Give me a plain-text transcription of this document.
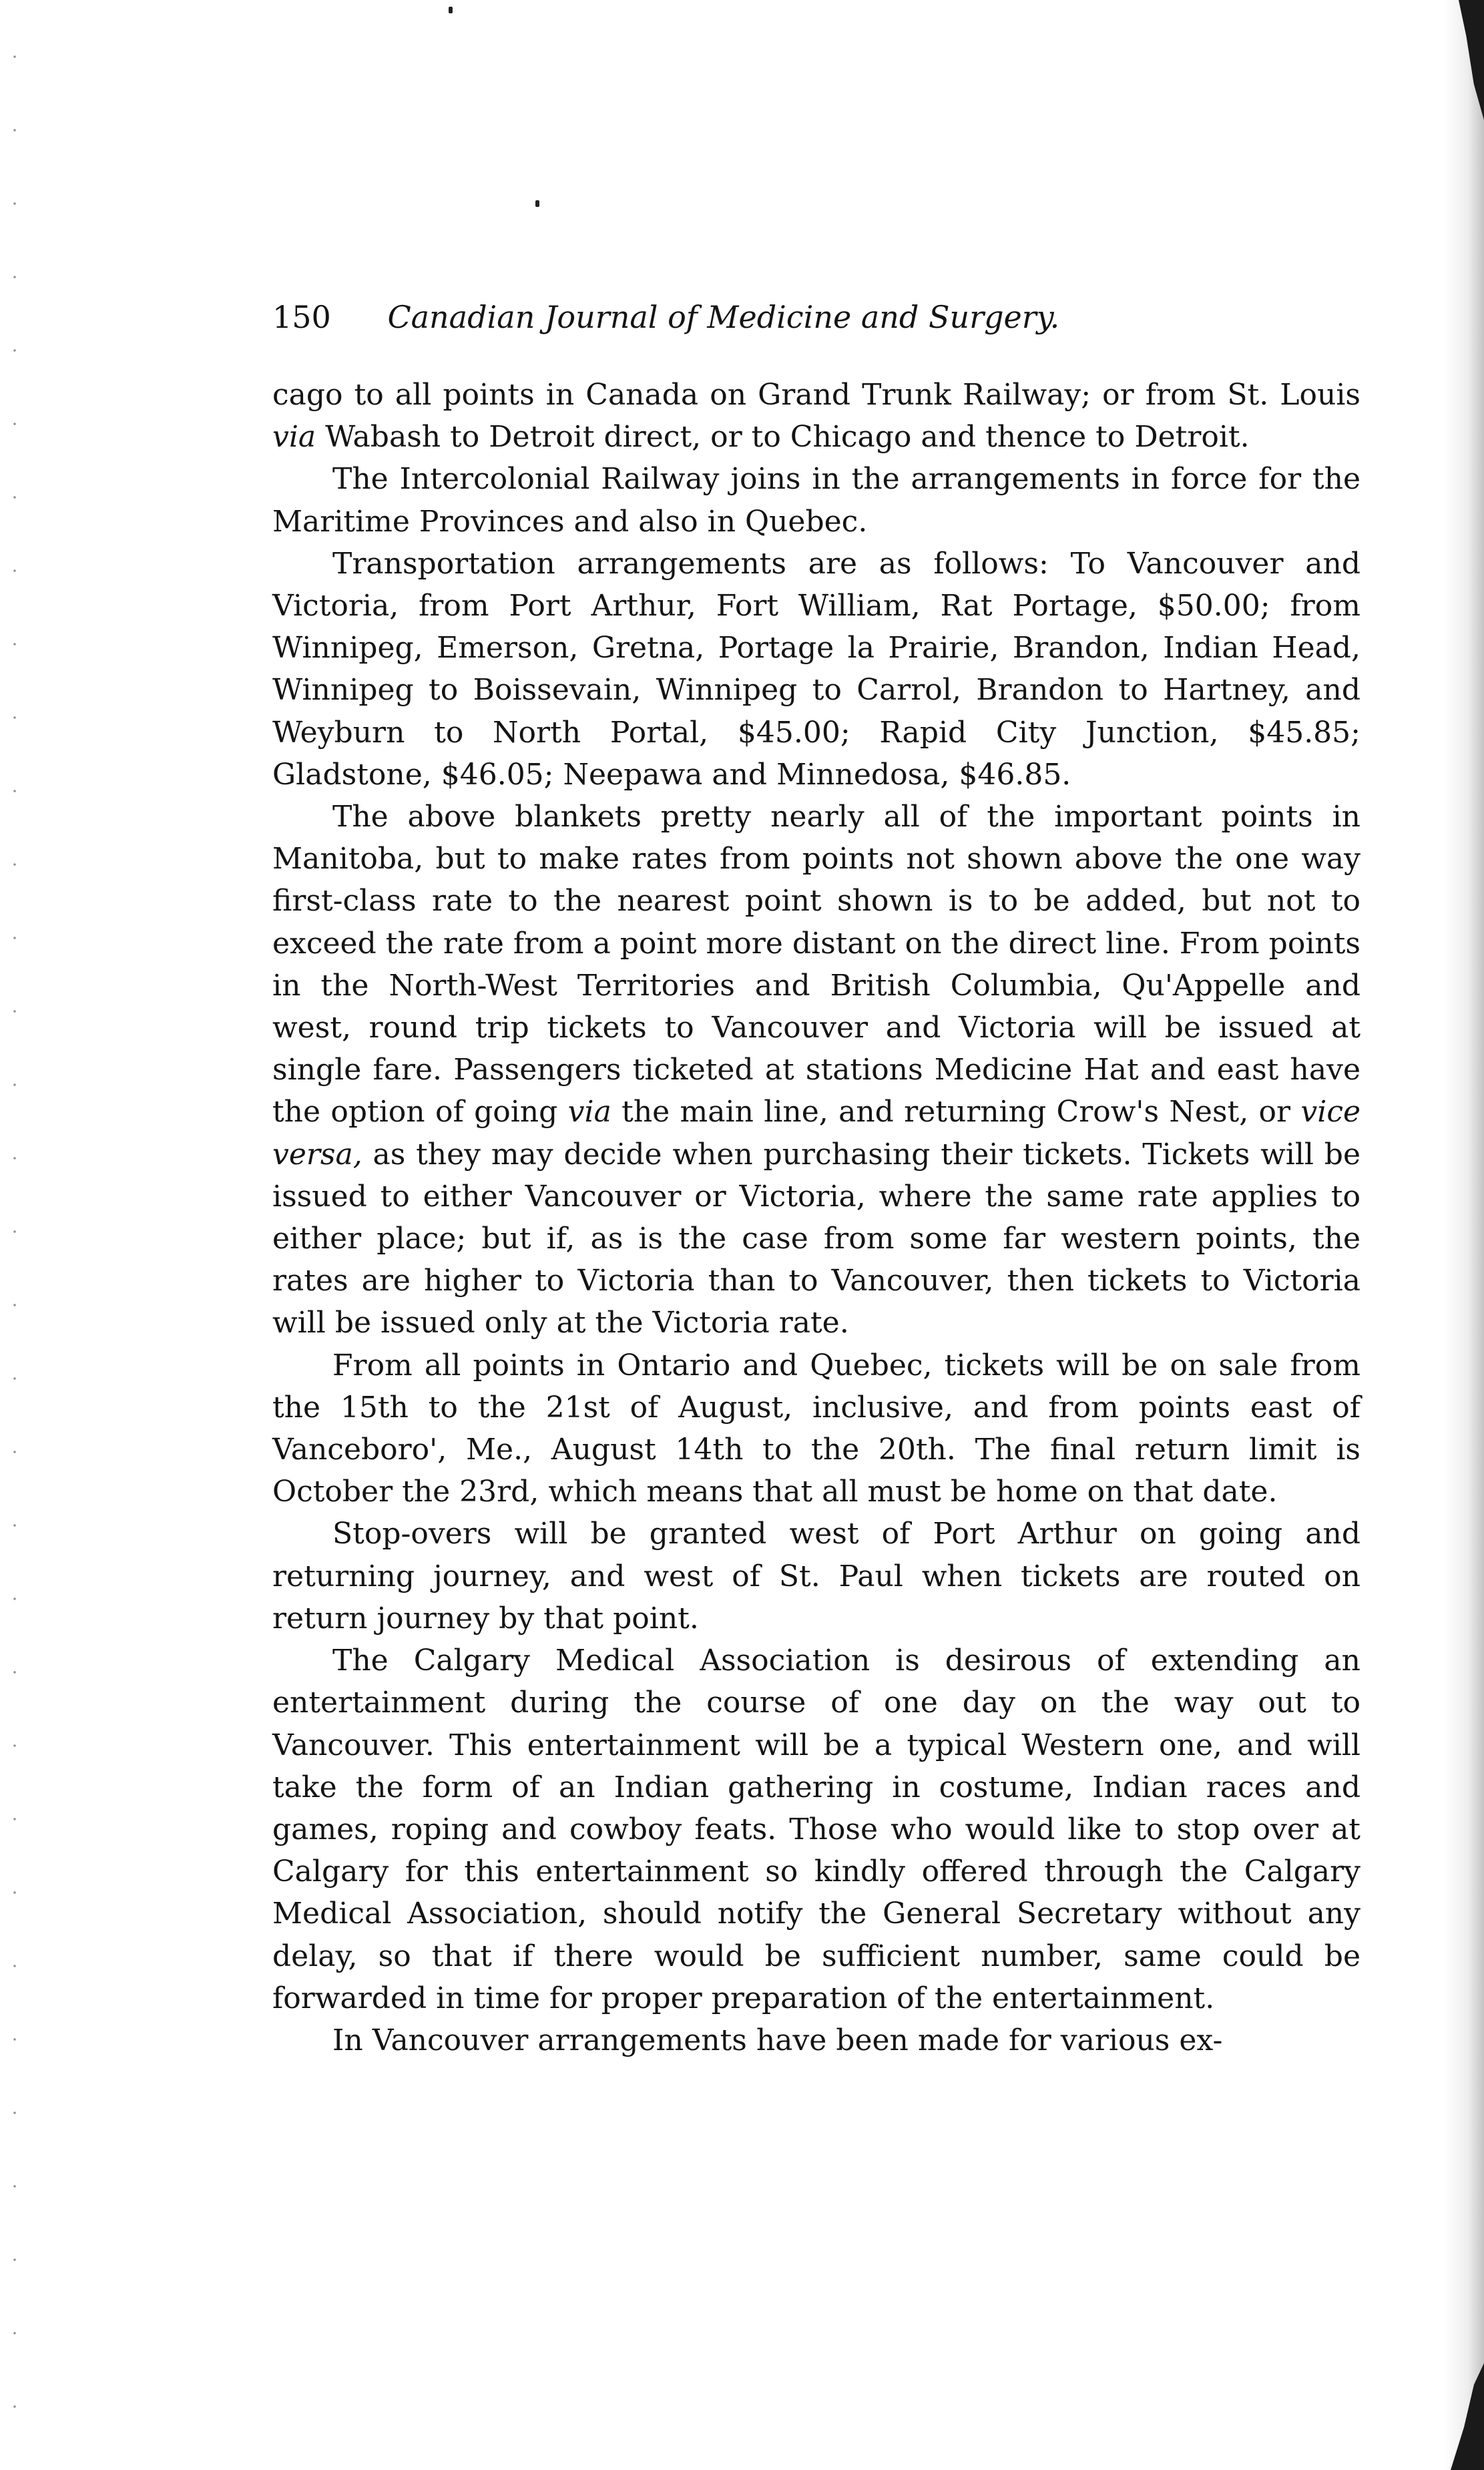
150 Canadian Journal of Medicine and Surgery.

cago to all points in Canada on Grand Trunk Railway; or from St. Louis via Wabash to Detroit direct, or to Chicago and thence to Detroit.

The Intercolonial Railway joins in the arrangements in force for the Maritime Provinces and also in Quebec.

Transportation arrangements are as follows: To Vancouver and Victoria, from Port Arthur, Fort William, Rat Portage, $50.00; from Winnipeg, Emerson, Gretna, Portage la Prairie, Brandon, Indian Head, Winnipeg to Boissevain, Winnipeg to Carrol, Brandon to Hartney, and Weyburn to North Portal, $45.00; Rapid City Junction, $45.85; Gladstone, $46.05; Neepawa and Minnedosa, $46.85.

The above blankets pretty nearly all of the important points in Manitoba, but to make rates from points not shown above the one way first-class rate to the nearest point shown is to be added, but not to exceed the rate from a point more distant on the direct line. From points in the North-West Territories and British Columbia, Qu'Appelle and west, round trip tickets to Vancouver and Victoria will be issued at single fare. Passengers ticketed at stations Medicine Hat and east have the option of going via the main line, and returning Crow's Nest, or vice versa, as they may decide when purchasing their tickets. Tickets will be issued to either Vancouver or Victoria, where the same rate applies to either place; but if, as is the case from some far western points, the rates are higher to Victoria than to Vancouver, then tickets to Victoria will be issued only at the Victoria rate.

From all points in Ontario and Quebec, tickets will be on sale from the 15th to the 21st of August, inclusive, and from points east of Vanceboro', Me., August 14th to the 20th. The final return limit is October the 23rd, which means that all must be home on that date.

Stop-overs will be granted west of Port Arthur on going and returning journey, and west of St. Paul when tickets are routed on return journey by that point.

The Calgary Medical Association is desirous of extending an entertainment during the course of one day on the way out to Vancouver. This entertainment will be a typical Western one, and will take the form of an Indian gathering in costume, Indian races and games, roping and cowboy feats. Those who would like to stop over at Calgary for this entertainment so kindly offered through the Calgary Medical Association, should notify the General Secretary without any delay, so that if there would be sufficient number, same could be forwarded in time for proper preparation of the entertainment.

In Vancouver arrangements have been made for various ex-
